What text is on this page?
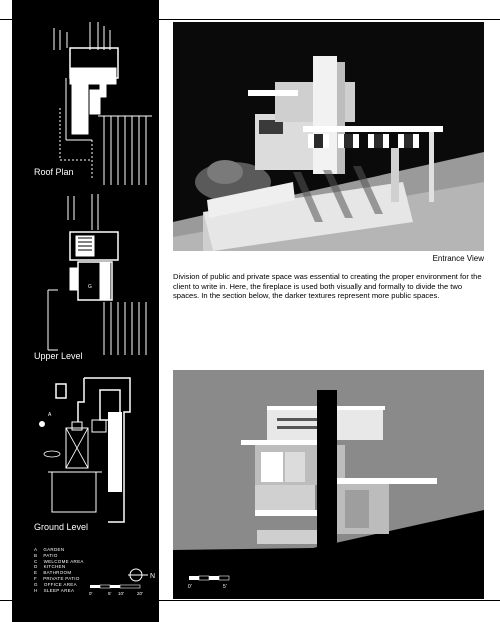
Roof Plan
G
Upper Level
A
Ground Level
A GARDEN
B PATIO
C WELCOME AREA
D KITCHEN
E BATHROOM
F PRIVATE PATIO
G OFFICE AREA
H SLEEP AREA
N
0'	5' 10'	20'
Entrance View

Division of public and private space was essential to creating the proper environment for the client to write in. Here, the fireplace is used both visually and formally to divide the two spaces. In the section below, the darker textures represent more public spaces.

0'	5'	Section
